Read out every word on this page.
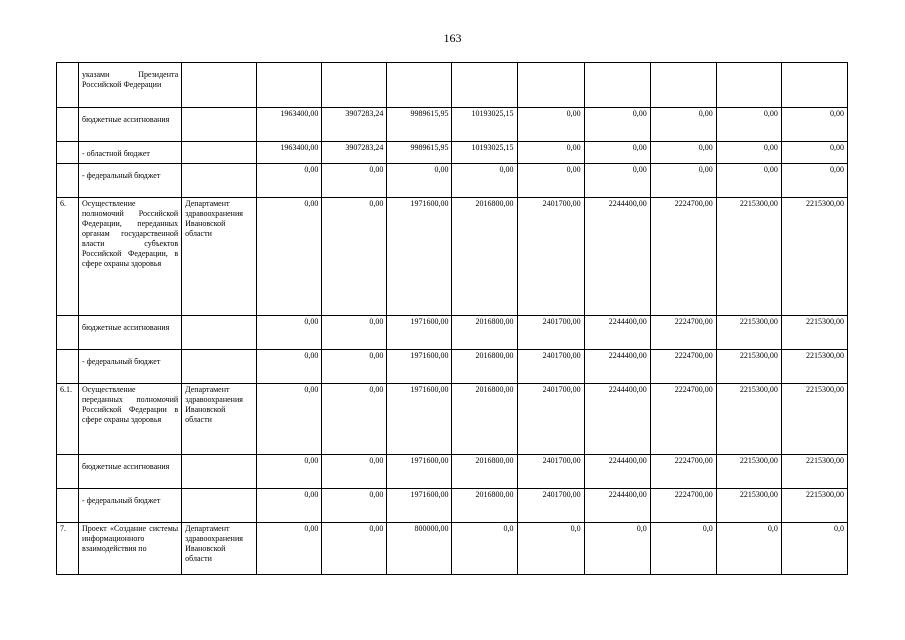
163
	указами Президента Российской Федерации										
	бюджетные ассигнования		1963400,00	3907283,24	9989615,95	10193025,15	0,00	0,00	0,00	0,00	0,00
	- областной бюджет		1963400,00	3907283,24	9989615,95	10193025,15	0,00	0,00	0,00	0,00	0,00
	- федеральный бюджет		0,00	0,00	0,00	0,00	0,00	0,00	0,00	0,00	0,00
6.	Осуществление полномочий Российской Федерации, переданных органам государственной власти субъектов Российской Федерации, в сфере охраны здоровья	Департамент здравоохранения Ивановской области	0,00	0,00	1971600,00	2016800,00	2401700,00	2244400,00	2224700,00	2215300,00	2215300,00
	бюджетные ассигнования		0,00	0,00	1971600,00	2016800,00	2401700,00	2244400,00	2224700,00	2215300,00	2215300,00
	- федеральный бюджет		0,00	0,00	1971600,00	2016800,00	2401700,00	2244400,00	2224700,00	2215300,00	2215300,00
6.1.	Осуществление переданных полномочий Российской Федерации в сфере охраны здоровья	Департамент здравоохранения Ивановской области	0,00	0,00	1971600,00	2016800,00	2401700,00	2244400,00	2224700,00	2215300,00	2215300,00
	бюджетные ассигнования		0,00	0,00	1971600,00	2016800,00	2401700,00	2244400,00	2224700,00	2215300,00	2215300,00
	- федеральный бюджет		0,00	0,00	1971600,00	2016800,00	2401700,00	2244400,00	2224700,00	2215300,00	2215300,00
7.	Проект «Создание системы информационного взаимодействия по	Департамент здравоохранения Ивановской области	0,00	0,00	800000,00	0,0	0,0	0,0	0,0	0,0	0,0
